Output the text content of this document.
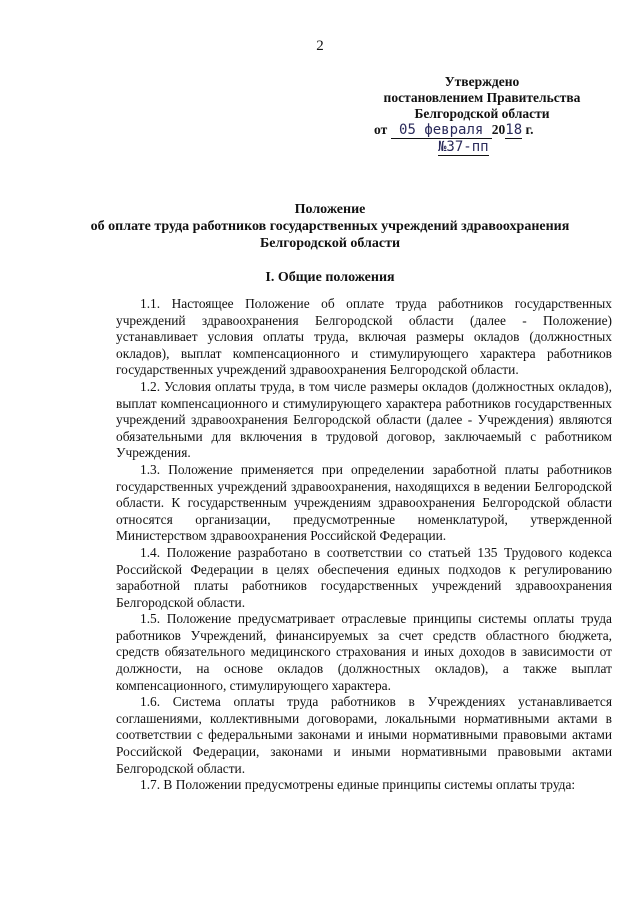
2
Утверждено
постановлением Правительства
Белгородской области
от 05 февраля 2018 г.
№37-пп
Положение
об оплате труда работников государственных учреждений здравоохранения
Белгородской области
I. Общие положения

1.1. Настоящее Положение об оплате труда работников государственных учреждений здравоохранения Белгородской области (далее - Положение) устанавливает условия оплаты труда, включая размеры окладов (должностных окладов), выплат компенсационного и стимулирующего характера работников государственных учреждений здравоохранения Белгородской области.

1.2. Условия оплаты труда, в том числе размеры окладов (должностных окладов), выплат компенсационного и стимулирующего характера работников государственных учреждений здравоохранения Белгородской области (далее - Учреждения) являются обязательными для включения в трудовой договор, заключаемый с работником Учреждения.

1.3. Положение применяется при определении заработной платы работников государственных учреждений здравоохранения, находящихся в ведении Белгородской области. К государственным учреждениям здравоохранения Белгородской области относятся организации, предусмотренные номенклатурой, утвержденной Министерством здравоохранения Российской Федерации.

1.4. Положение разработано в соответствии со статьей 135 Трудового кодекса Российской Федерации в целях обеспечения единых подходов к регулированию заработной платы работников государственных учреждений здравоохранения Белгородской области.

1.5. Положение предусматривает отраслевые принципы системы оплаты труда работников Учреждений, финансируемых за счет средств областного бюджета, средств обязательного медицинского страхования и иных доходов в зависимости от должности, на основе окладов (должностных окладов), а также выплат компенсационного, стимулирующего характера.

1.6. Система оплаты труда работников в Учреждениях устанавливается соглашениями, коллективными договорами, локальными нормативными актами в соответствии с федеральными законами и иными нормативными правовыми актами Российской Федерации, законами и иными нормативными правовыми актами Белгородской области.

1.7. В Положении предусмотрены единые принципы системы оплаты труда:
